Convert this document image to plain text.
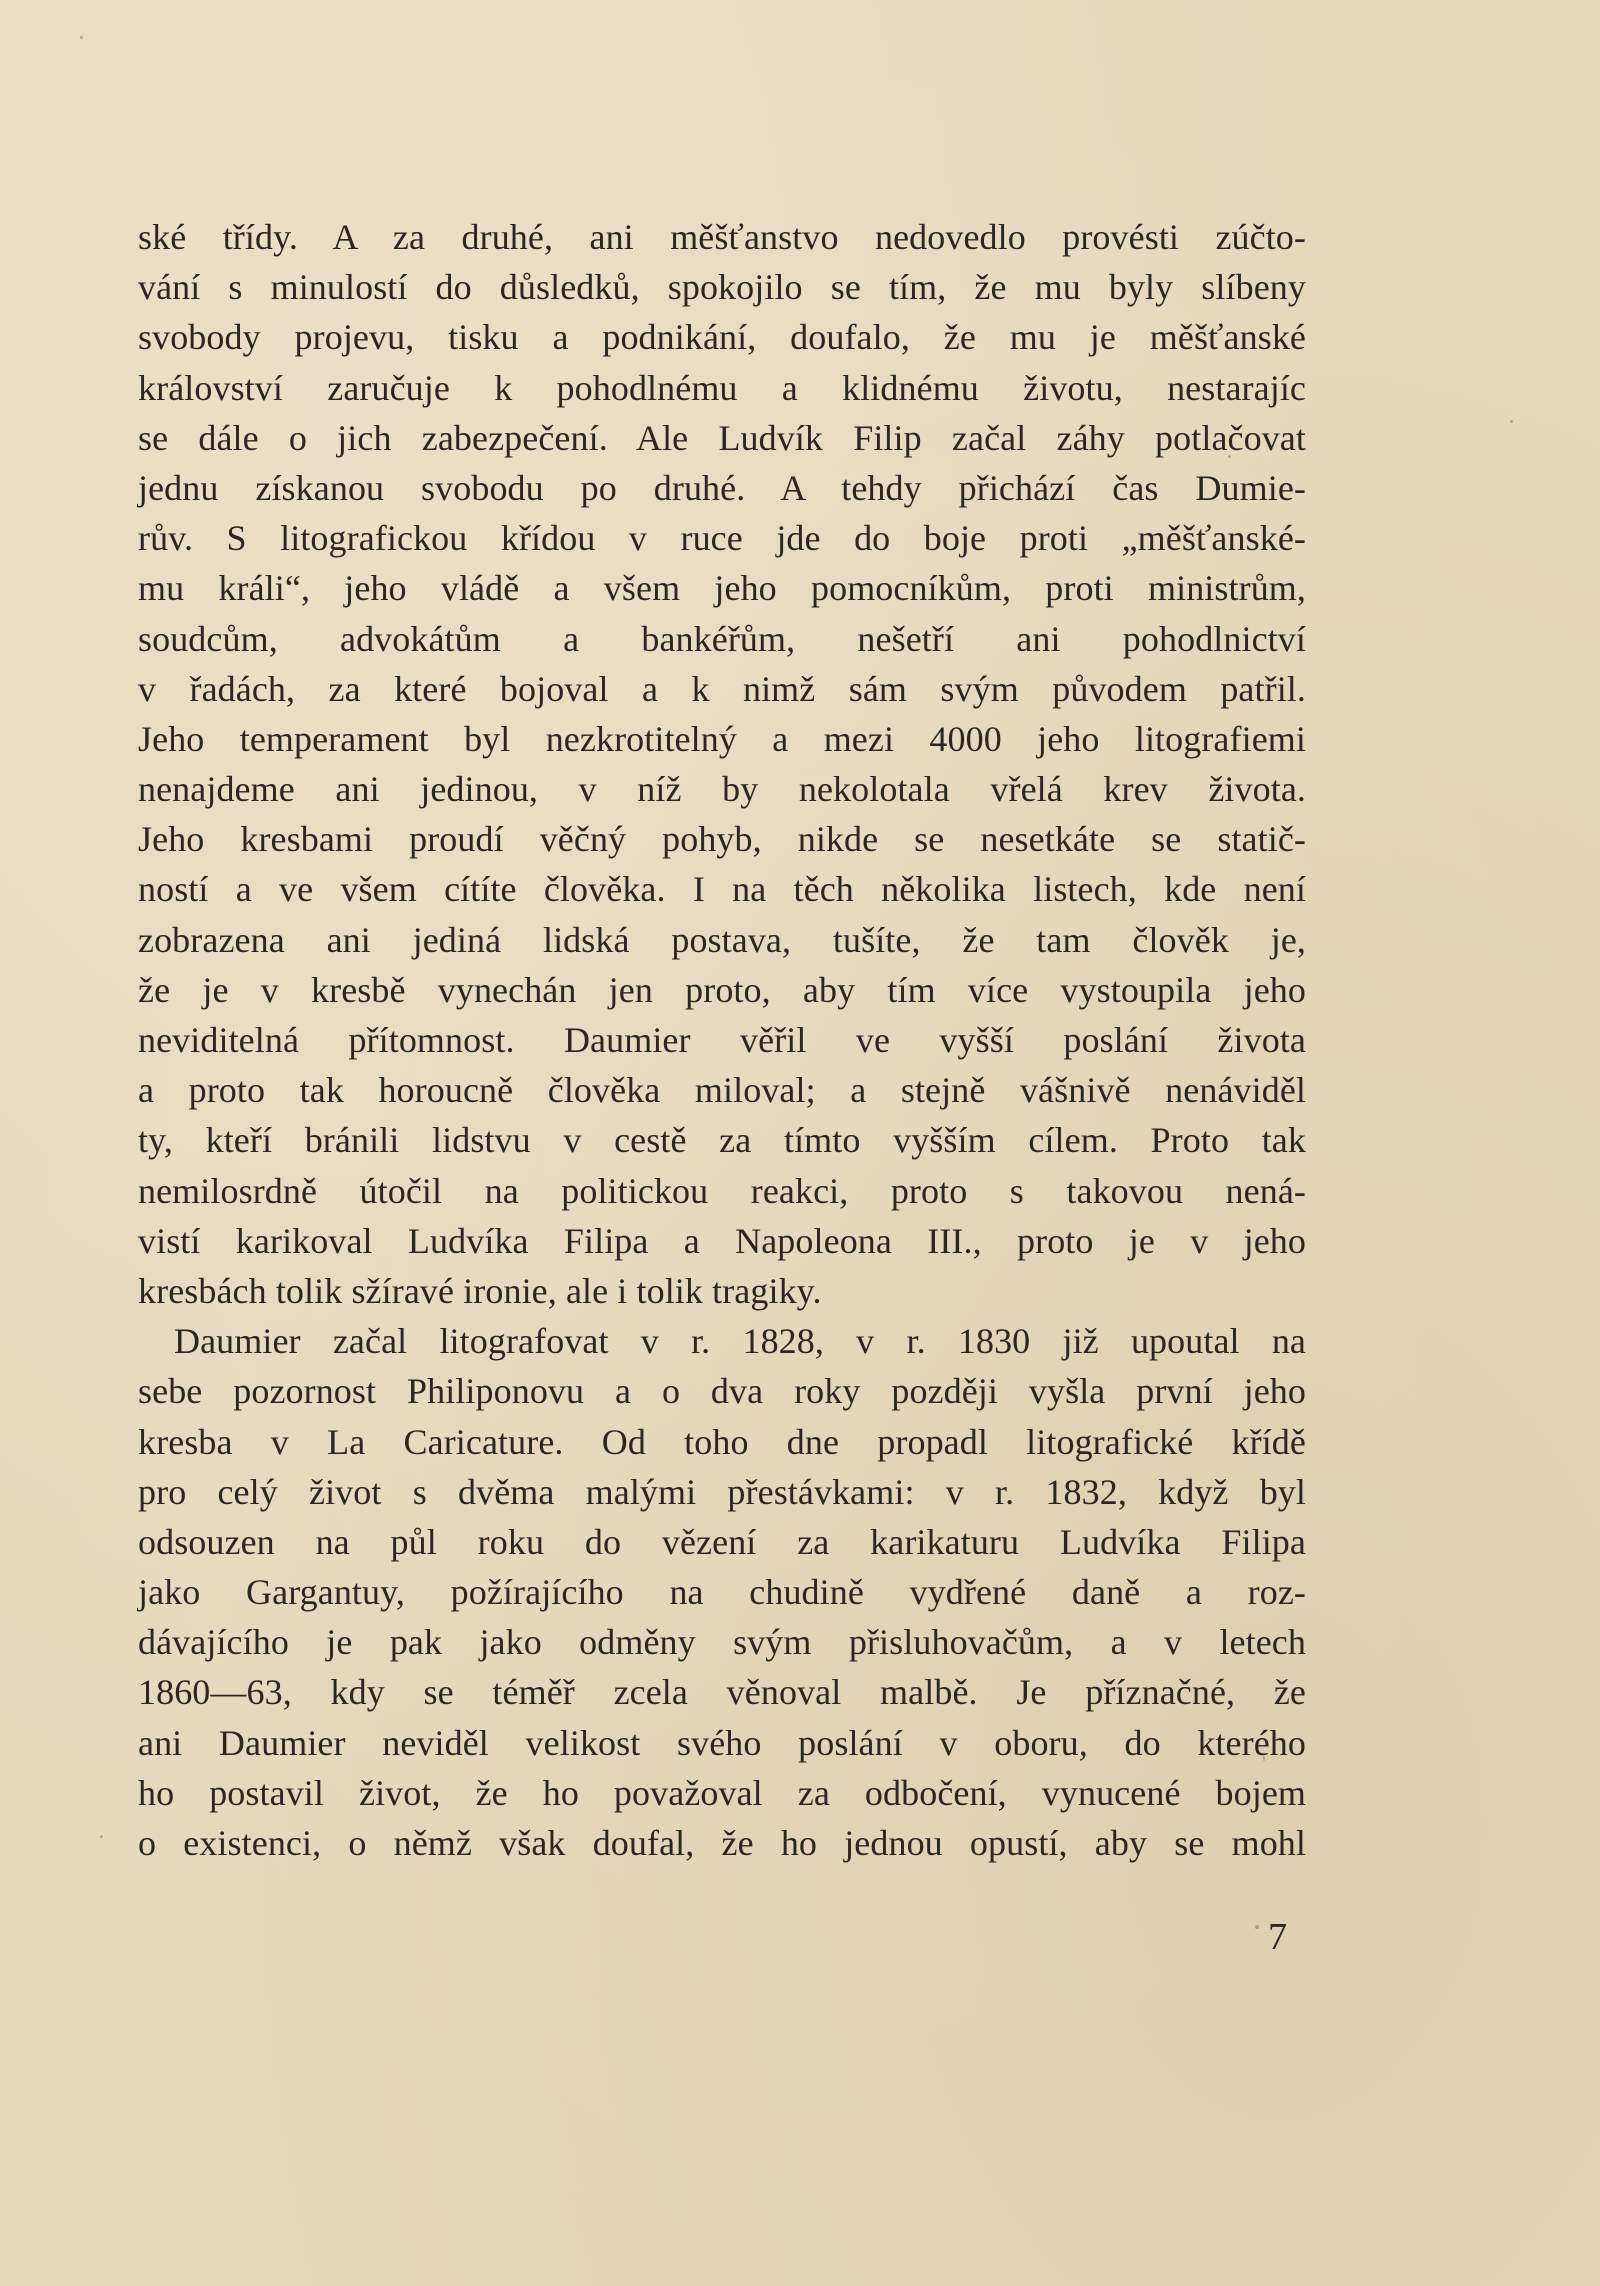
ské třídy. A za druhé, ani měšťanstvo nedovedlo provésti zúčto-
vání s minulostí do důsledků, spokojilo se tím, že mu byly slíbeny
svobody projevu, tisku a podnikání, doufalo, že mu je měšťanské
království zaručuje k pohodlnému a klidnému životu, nestarajíc
se dále o jich zabezpečení. Ale Ludvík Filip začal záhy potlačovat
jednu získanou svobodu po druhé. A tehdy přichází čas Dumie-
rův. S litografickou křídou v ruce jde do boje proti „měšťanské-
mu králi“, jeho vládě a všem jeho pomocníkům, proti ministrům,
soudcům, advokátům a bankéřům, nešetří ani pohodlnictví
v řadách, za které bojoval a k nimž sám svým původem patřil.
Jeho temperament byl nezkrotitelný a mezi 4000 jeho litografiemi
nenajdeme ani jedinou, v níž by nekolotala vřelá krev života.
Jeho kresbami proudí věčný pohyb, nikde se nesetkáte se statič-
ností a ve všem cítíte člověka. I na těch několika listech, kde není
zobrazena ani jediná lidská postava, tušíte, že tam člověk je,
že je v kresbě vynechán jen proto, aby tím více vystoupila jeho
neviditelná přítomnost. Daumier věřil ve vyšší poslání života
a proto tak horoucně člověka miloval; a stejně vášnivě nenáviděl
ty, kteří bránili lidstvu v cestě za tímto vyšším cílem. Proto tak
nemilosrdně útočil na politickou reakci, proto s takovou nená-
vistí karikoval Ludvíka Filipa a Napoleona III., proto je v jeho
kresbách tolik sžíravé ironie, ale i tolik tragiky.
Daumier začal litografovat v r. 1828, v r. 1830 již upoutal na
sebe pozornost Philiponovu a o dva roky později vyšla první jeho
kresba v La Caricature. Od toho dne propadl litografické křídě
pro celý život s dvěma malými přestávkami: v r. 1832, když byl
odsouzen na půl roku do vězení za karikaturu Ludvíka Filipa
jako Gargantuy, požírajícího na chudině vydřené daně a roz-
dávajícího je pak jako odměny svým přisluhovačům, a v letech
1860—63, kdy se téměř zcela věnoval malbě. Je příznačné, že
ani Daumier neviděl velikost svého poslání v oboru, do kterého
ho postavil život, že ho považoval za odbočení, vynucené bojem
o existenci, o němž však doufal, že ho jednou opustí, aby se mohl
7
